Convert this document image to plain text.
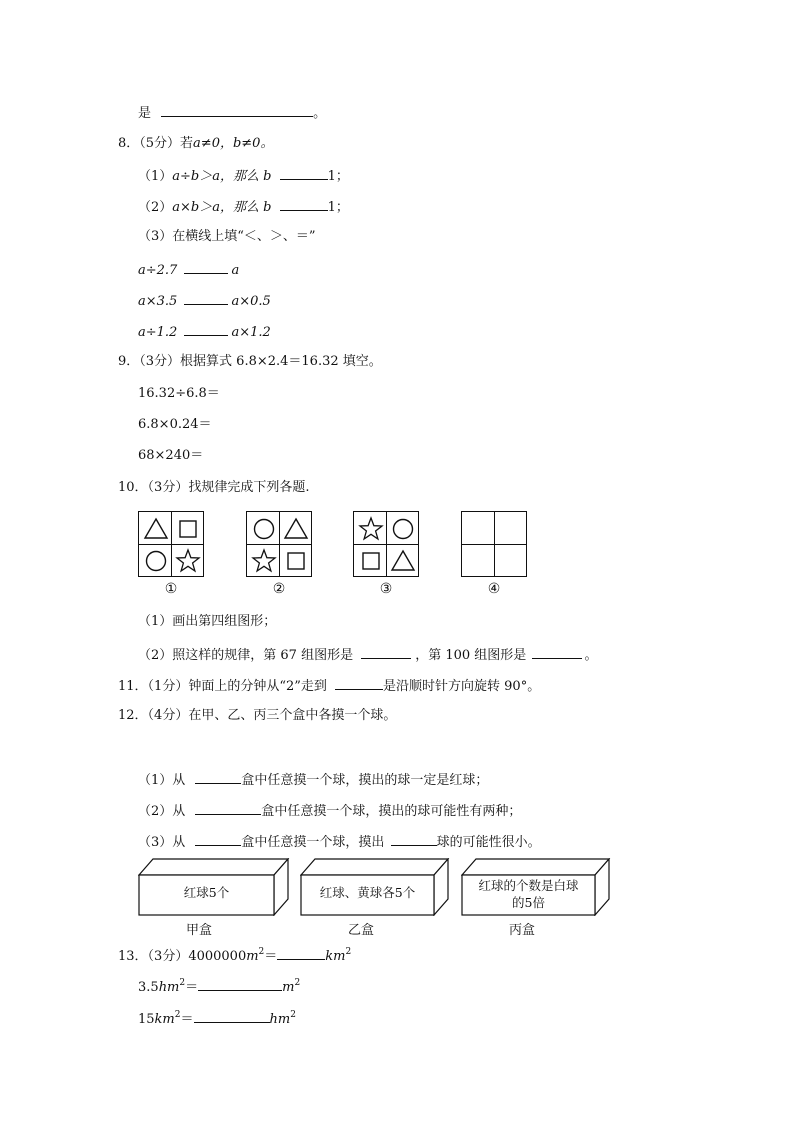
是	。
8．（5分）若a≠0，b≠0。
（1）a÷b＞a，那么 b	1；
（2）a×b＞a，那么 b	1；
（3）在横线上填“＜、＞、＝”
a÷2.7	a
a×3.5	a×0.5
a÷1.2	a×1.2
9．（3分）根据算式 6.8×2.4＝16.32 填空。
16.32÷6.8＝
6.8×0.24＝
68×240＝
10．（3分）找规律完成下列各题.
①	②	③	④
（1）画出第四组图形；
（2）照这样的规律，第 67 组图形是	，第 100 组图形是	。
11．（1分）钟面上的分钟从“2”走到	是沿顺时针方向旋转 90°。
12．（4分）在甲、乙、丙三个盒中各摸一个球。
（1）从	盒中任意摸一个球，摸出的球一定是红球；
（2）从	盒中任意摸一个球，摸出的球可能性有两种；
（3）从	盒中任意摸一个球，摸出	球的可能性很小。
红球5个
甲盒
红球、黄球各5个
乙盒
红球的个数是白球
的5倍
丙盒
13．（3分）$4000000m^2=$	$km^2$
$3.5hm^2=$	$m^2$
$15km^2=$	$hm^2$
